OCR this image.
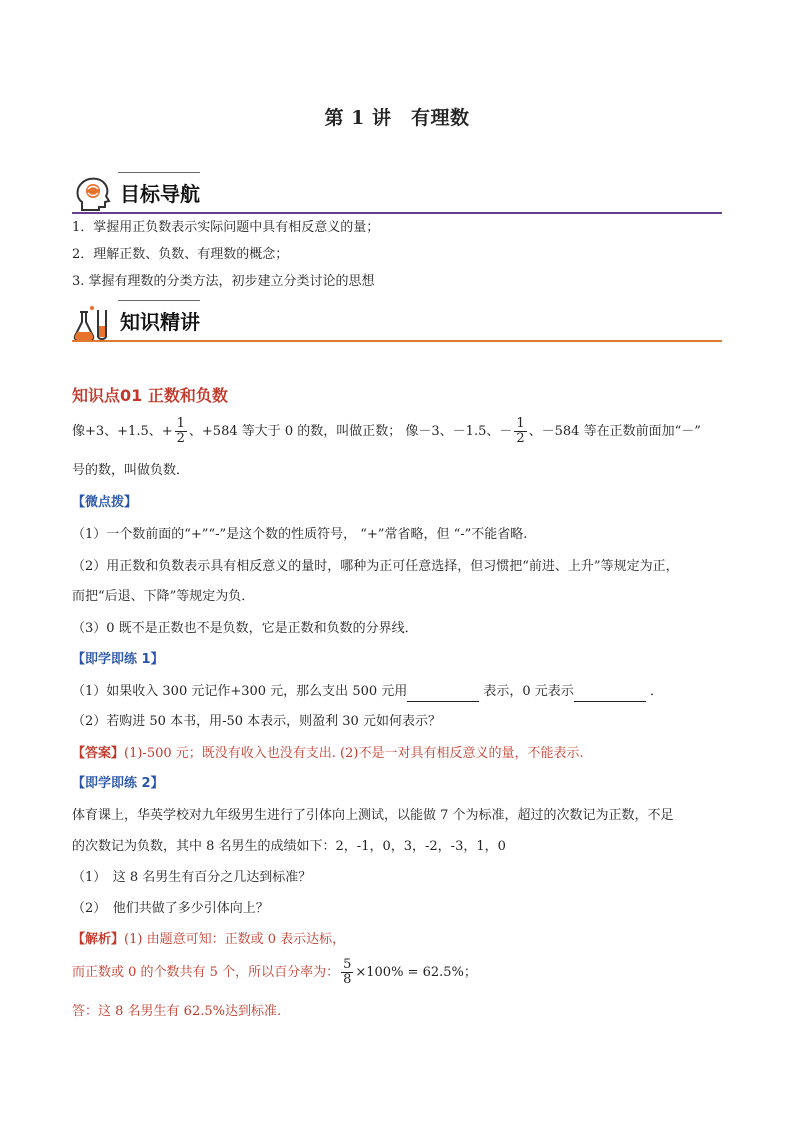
第 1 讲　有理数
目标导航
1．掌握用正负数表示实际问题中具有相反意义的量；
2．理解正数、负数、有理数的概念；
3. 掌握有理数的分类方法，初步建立分类讨论的思想
知识精讲
知识点01 正数和负数
像+3、+1.5、+ $\frac{1}{2}$ 、+584 等大于 0 的数，叫做正数； 像－3、－1.5、－ $\frac{1}{2}$ 、－584 等在正数前面加“－”
号的数，叫做负数．
【微点拨】
（1）一个数前面的“+”“-”是这个数的性质符号， “+”常省略，但 “-”不能省略.
（2）用正数和负数表示具有相反意义的量时，哪种为正可任意选择，但习惯把“前进、上升”等规定为正，
而把“后退、下降”等规定为负．
（3）0 既不是正数也不是负数，它是正数和负数的分界线．
【即学即练 1】
（1）如果收入 300 元记作+300 元，那么支出 500 元用	表示，0 元表示	．
（2）若购进 50 本书，用-50 本表示，则盈利 30 元如何表示？
【答案】(1)-500 元；既没有收入也没有支出. (2)不是一对具有相反意义的量，不能表示.
【即学即练 2】
体育课上，华英学校对九年级男生进行了引体向上测试，以能做 7 个为标准，超过的次数记为正数，不足
的次数记为负数，其中 8 名男生的成绩如下：2，-1，0，3，-2，-3，1，0
（1）　这 8 名男生有百分之几达到标准？
（2）　他们共做了多少引体向上？
【解析】(1) 由题意可知：正数或 0 表示达标，
而正数或 0 的个数共有 5 个，所以百分率为： $\frac{5}{8} \times 100\% = 62.5\%$；
答：这 8 名男生有 62.5%达到标准.
